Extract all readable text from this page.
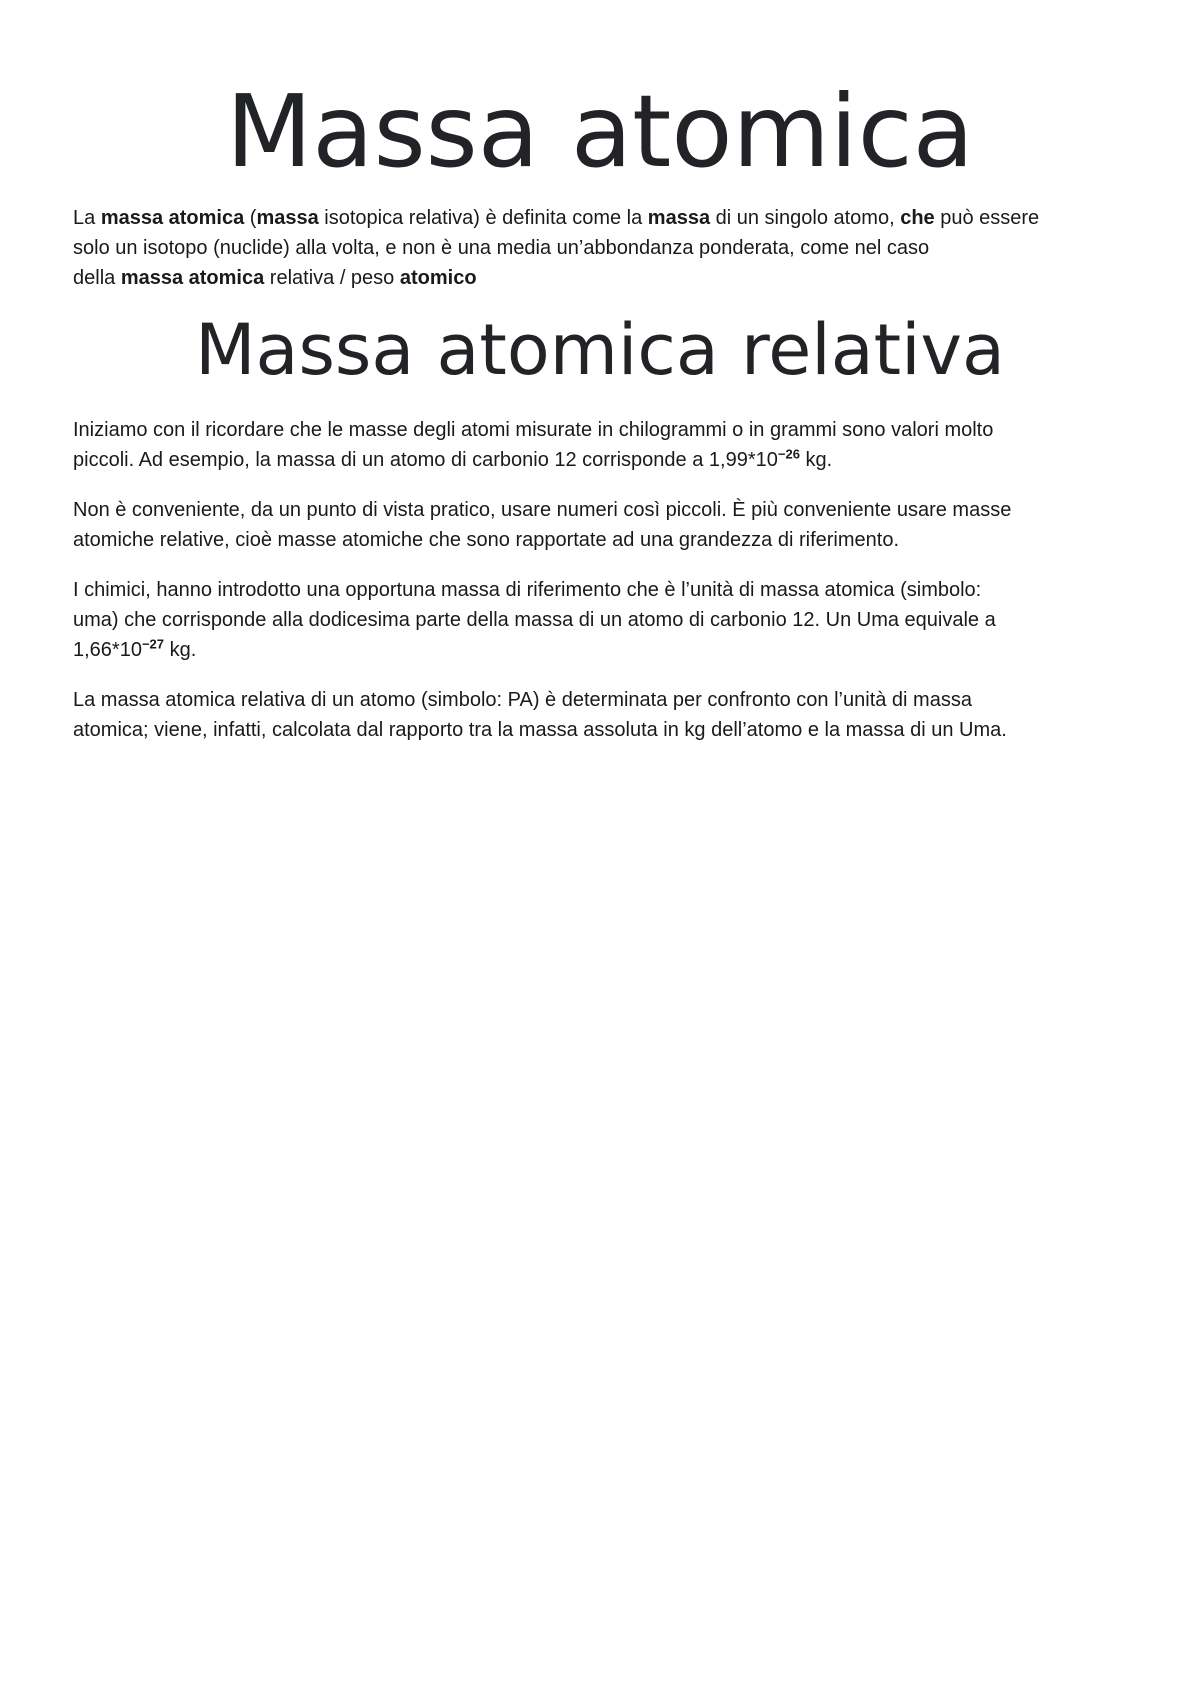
Massa atomica

La massa atomica (massa isotopica relativa) è definita come la massa di un singolo atomo, che può essere
solo un isotopo (nuclide) alla volta, e non è una media un’abbondanza ponderata, come nel caso
della massa atomica relativa / peso atomico

Massa atomica relativa

Iniziamo con il ricordare che le masse degli atomi misurate in chilogrammi o in grammi sono valori molto
piccoli. Ad esempio, la massa di un atomo di carbonio 12 corrisponde a $1,99*10^{-26}$ kg.

Non è conveniente, da un punto di vista pratico, usare numeri così piccoli. È più conveniente usare masse
atomiche relative, cioè masse atomiche che sono rapportate ad una grandezza di riferimento.

I chimici, hanno introdotto una opportuna massa di riferimento che è l’unità di massa atomica (simbolo:
uma) che corrisponde alla dodicesima parte della massa di un atomo di carbonio 12. Un Uma equivale a
$1,66*10^{-27}$ kg.

La massa atomica relativa di un atomo (simbolo: PA) è determinata per confronto con l’unità di massa
atomica; viene, infatti, calcolata dal rapporto tra la massa assoluta in kg dell’atomo e la massa di un Uma.
